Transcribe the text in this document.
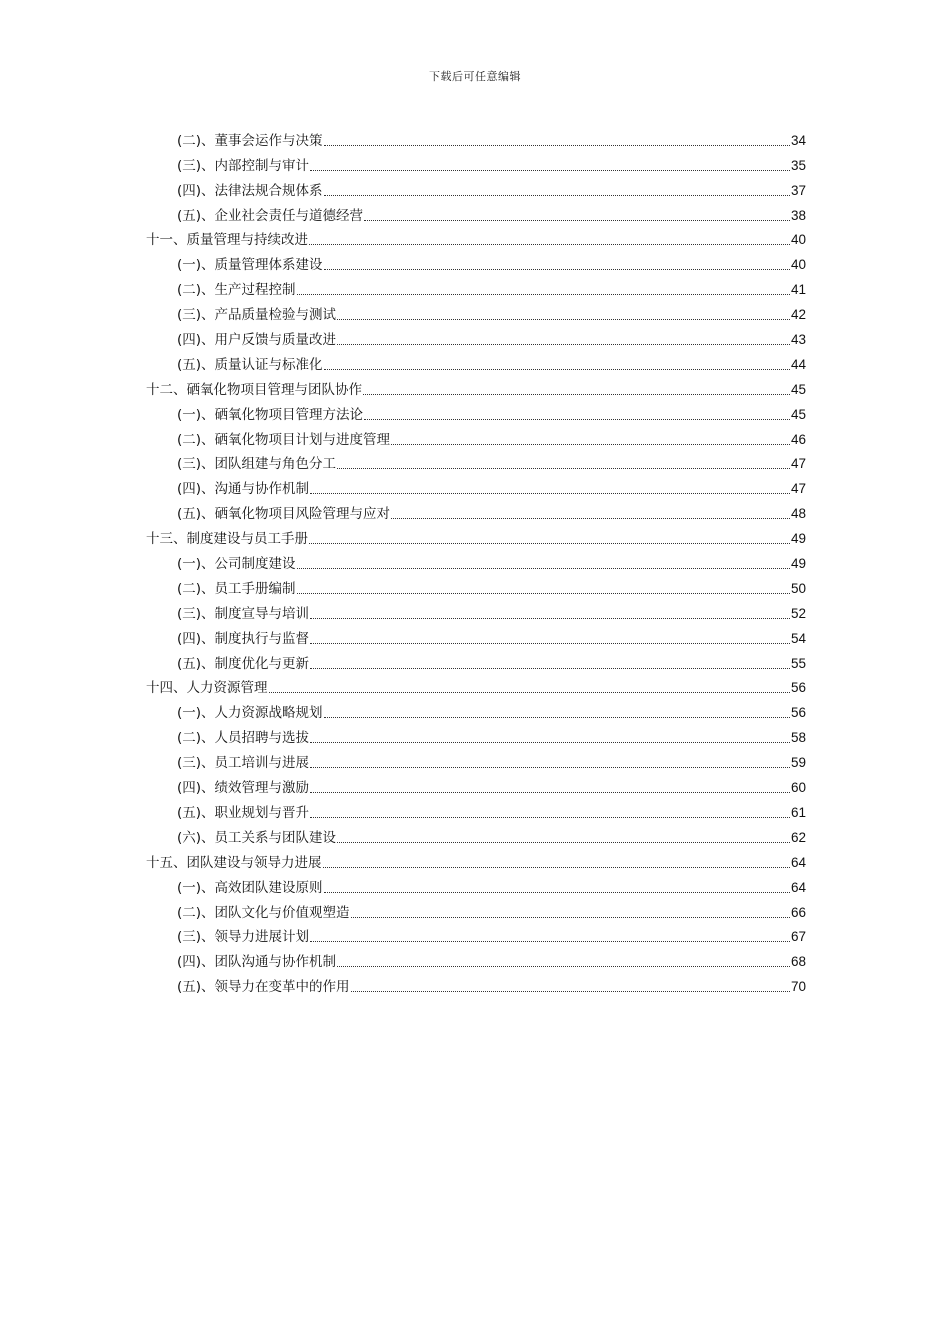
下载后可任意编辑
(二)、董事会运作与决策	34
(三)、内部控制与审计	35
(四)、法律法规合规体系	37
(五)、企业社会责任与道德经营	38
十一、质量管理与持续改进	40
(一)、质量管理体系建设	40
(二)、生产过程控制	41
(三)、产品质量检验与测试	42
(四)、用户反馈与质量改进	43
(五)、质量认证与标准化	44
十二、硒氧化物项目管理与团队协作	45
(一)、硒氧化物项目管理方法论	45
(二)、硒氧化物项目计划与进度管理	46
(三)、团队组建与角色分工	47
(四)、沟通与协作机制	47
(五)、硒氧化物项目风险管理与应对	48
十三、制度建设与员工手册	49
(一)、公司制度建设	49
(二)、员工手册编制	50
(三)、制度宣导与培训	52
(四)、制度执行与监督	54
(五)、制度优化与更新	55
十四、人力资源管理	56
(一)、人力资源战略规划	56
(二)、人员招聘与选拔	58
(三)、员工培训与进展	59
(四)、绩效管理与激励	60
(五)、职业规划与晋升	61
(六)、员工关系与团队建设	62
十五、团队建设与领导力进展	64
(一)、高效团队建设原则	64
(二)、团队文化与价值观塑造	66
(三)、领导力进展计划	67
(四)、团队沟通与协作机制	68
(五)、领导力在变革中的作用	70
